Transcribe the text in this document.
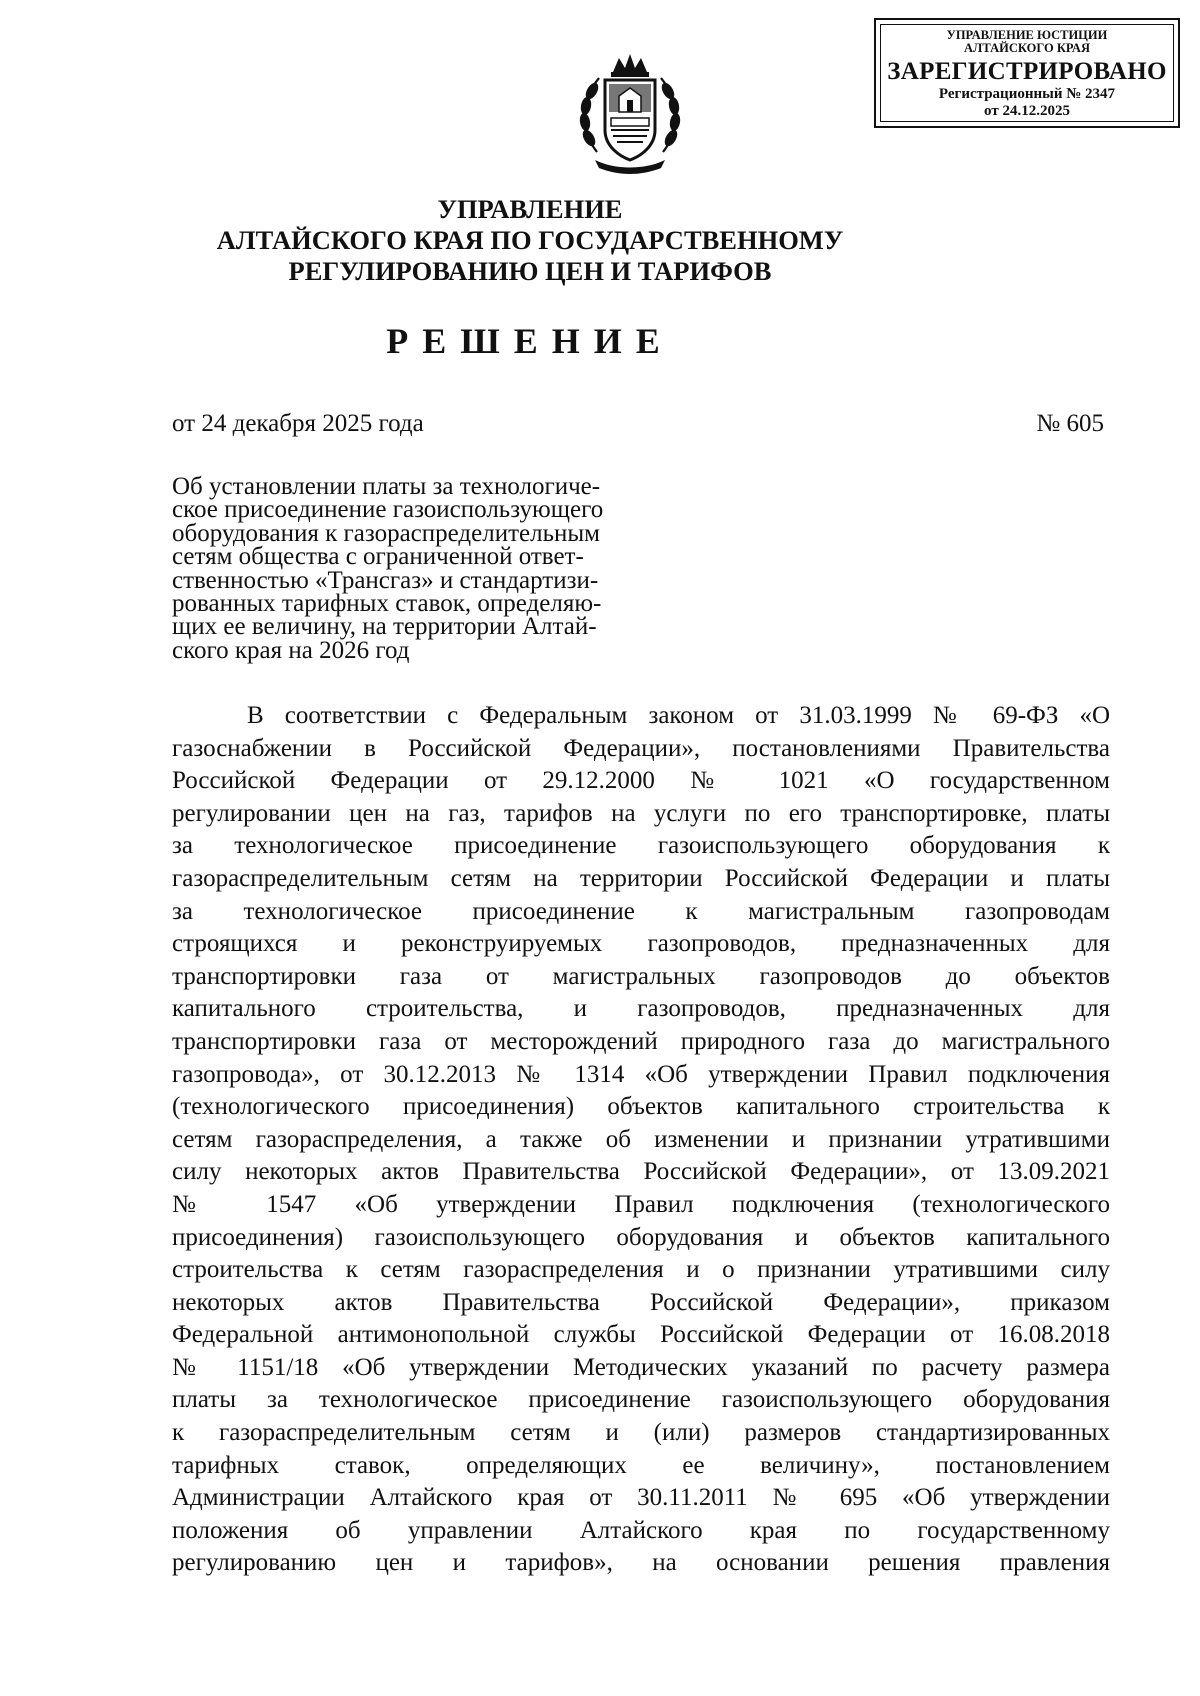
УПРАВЛЕНИЕ ЮСТИЦИИ
АЛТАЙСКОГО КРАЯ
ЗАРЕГИСТРИРОВАНО
Регистрационный № 2347
от 24.12.2025
УПРАВЛЕНИЕ
АЛТАЙСКОГО КРАЯ ПО ГОСУДАРСТВЕННОМУ
РЕГУЛИРОВАНИЮ ЦЕН И ТАРИФОВ
РЕШЕНИЕ
от 24 декабря 2025 года	№ 605
Об установлении платы за технологиче-
ское присоединение газоиспользующего
оборудования к газораспределительным
сетям общества с ограниченной ответ-
ственностью «Трансгаз» и стандартизи-
рованных тарифных ставок, определяю-
щих ее величину, на территории Алтай-
ского края на 2026 год
В соответствии с Федеральным законом от 31.03.1999 № 69-ФЗ «О
газоснабжении в Российской Федерации», постановлениями Правительства
Российской Федерации от 29.12.2000 № 1021 «О государственном
регулировании цен на газ, тарифов на услуги по его транспортировке, платы
за технологическое присоединение газоиспользующего оборудования к
газораспределительным сетям на территории Российской Федерации и платы
за технологическое присоединение к магистральным газопроводам
строящихся и реконструируемых газопроводов, предназначенных для
транспортировки газа от магистральных газопроводов до объектов
капитального строительства, и газопроводов, предназначенных для
транспортировки газа от месторождений природного газа до магистрального
газопровода», от 30.12.2013 № 1314 «Об утверждении Правил подключения
(технологического присоединения) объектов капитального строительства к
сетям газораспределения, а также об изменении и признании утратившими
силу некоторых актов Правительства Российской Федерации», от 13.09.2021
№ 1547 «Об утверждении Правил подключения (технологического
присоединения) газоиспользующего оборудования и объектов капитального
строительства к сетям газораспределения и о признании утратившими силу
некоторых актов Правительства Российской Федерации», приказом
Федеральной антимонопольной службы Российской Федерации от 16.08.2018
№ 1151/18 «Об утверждении Методических указаний по расчету размера
платы за технологическое присоединение газоиспользующего оборудования
к газораспределительным сетям и (или) размеров стандартизированных
тарифных ставок, определяющих ее величину», постановлением
Администрации Алтайского края от 30.11.2011 № 695 «Об утверждении
положения об управлении Алтайского края по государственному
регулированию цен и тарифов», на основании решения правления
